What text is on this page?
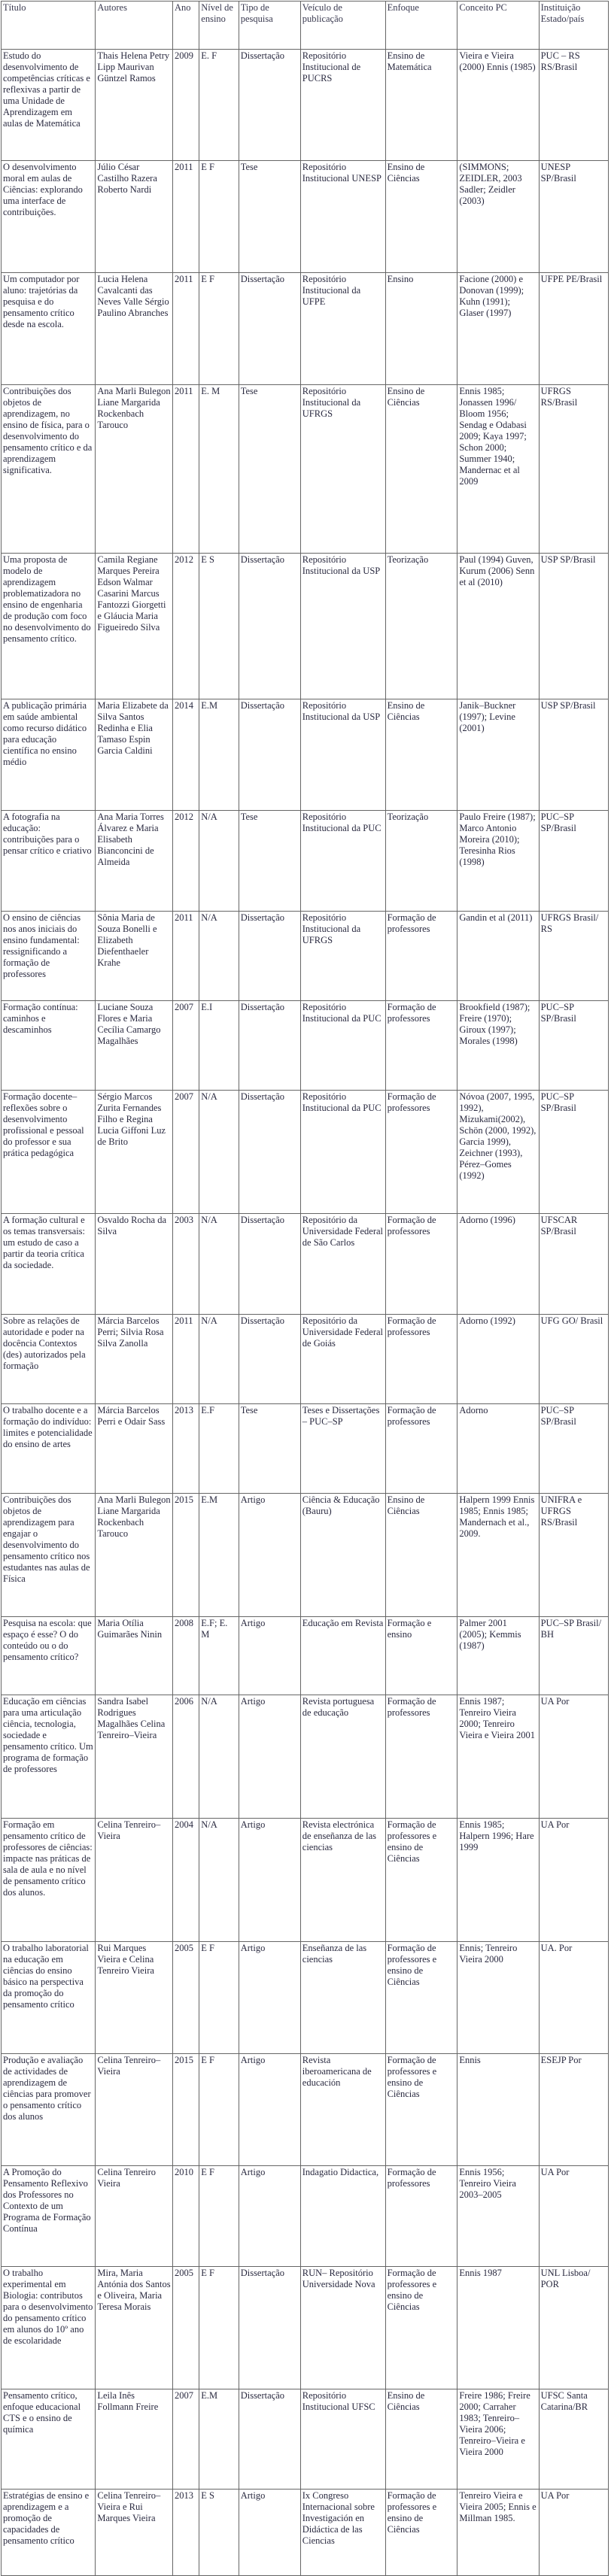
Título	Autores	Ano	Nível de ensino	Tipo de pesquisa	Veículo de publicação	Enfoque	Conceito PC	Instituição Estado/país
Estudo do desenvolvimento de competências críticas e reflexivas a partir de uma Unidade de Aprendizagem em aulas de Matemática	Thais Helena Petry Lipp Maurivan Güntzel Ramos	2009	E. F	Dissertação	Repositório Institucional de PUCRS	Ensino de Matemática	Vieira e Vieira (2000) Ennis (1985)	PUC – RS RS/Brasil
O desenvolvimento moral em aulas de Ciências: explorando uma interface de contribuições.	Júlio César Castilho Razera Roberto Nardi	2011	E F	Tese	Repositório Institucional UNESP	Ensino de Ciências	(SIMMONS; ZEIDLER, 2003 Sadler; Zeidler (2003)	UNESP SP/Brasil
Um computador por aluno: trajetórias da pesquisa e do pensamento crítico desde na escola.	Lucia Helena Cavalcanti das Neves Valle Sérgio Paulino Abranches	2011	E F	Dissertação	Repositório Institucional da UFPE	Ensino	Facione (2000) e Donovan (1999); Kuhn (1991); Glaser (1997)	UFPE PE/Brasil
Contribuições dos objetos de aprendizagem, no ensino de física, para o desenvolvimento do pensamento crítico e da aprendizagem significativa.	Ana Marli Bulegon Liane Margarida Rockenbach Tarouco	2011	E. M	Tese	Repositório Institucional da UFRGS	Ensino de Ciências	Ennis 1985; Jonassen 1996/ Bloom 1956; Sendag e Odabasi 2009; Kaya 1997; Schon 2000; Summer 1940; Mandernac et al 2009	UFRGS RS/Brasil
Uma proposta de modelo de aprendizagem problematizadora no ensino de engenharia de produção com foco no desenvolvimento do pensamento crítico.	Camila Regiane Marques Pereira Edson Walmar Casarini Marcus Fantozzi Giorgetti e Gláucia Maria Figueiredo Silva	2012	E S	Dissertação	Repositório Institucional da USP	Teorização	Paul (1994) Guven, Kurum (2006) Senn et al (2010)	USP SP/Brasil
A publicação primária em saúde ambiental como recurso didático para educação científica no ensino médio	Maria Elizabete da Silva Santos Redinha e Elia Tamaso Espin Garcia Caldini	2014	E.M	Dissertação	Repositório Institucional da USP	Ensino de Ciências	Janik–Buckner (1997); Levine (2001)	USP SP/Brasil
A fotografia na educação: contribuições para o pensar crítico e criativo	Ana Maria Torres Álvarez e Maria Elisabeth Bianconcini de Almeida	2012	N/A	Tese	Repositório Institucional da PUC	Teorização	Paulo Freire (1987); Marco Antonio Moreira (2010); Teresinha Rios (1998)	PUC–SP SP/Brasil
O ensino de ciências nos anos iniciais do ensino fundamental: ressignificando a formação de professores	Sônia Maria de Souza Bonelli e Elizabeth Diefenthaeler Krahe	2011	N/A	Dissertação	Repositório Institucional da UFRGS	Formação de professores	Gandin et al (2011)	UFRGS Brasil/ RS
Formação contínua: caminhos e descaminhos	Luciane Souza Flores e Maria Cecília Camargo Magalhães	2007	E.I	Dissertação	Repositório Institucional da PUC	Formação de professores	Brookfield (1987); Freire (1970); Giroux (1997); Morales (1998)	PUC–SP SP/Brasil
Formação docente–reflexões sobre o desenvolvimento profissional e pessoal do professor e sua prática pedagógica	Sérgio Marcos Zurita Fernandes Filho e Regina Lucia Giffoni Luz de Brito	2007	N/A	Dissertação	Repositório Institucional da PUC	Formação de professores	Nóvoa (2007, 1995, 1992), Mizukami(2002), Schön (2000, 1992), Garcia 1999), Zeichner (1993), Pérez–Gomes (1992)	PUC–SP SP/Brasil
A formação cultural e os temas transversais: um estudo de caso a partir da teoria crítica da sociedade.	Osvaldo Rocha da Silva	2003	N/A	Dissertação	Repositório da Universidade Federal de São Carlos	Formação de professores	Adorno (1996)	UFSCAR SP/Brasil
Sobre as relações de autoridade e poder na docência Contextos (des) autorizados pela formação	Márcia Barcelos Perri; Silvia Rosa Silva Zanolla	2011	N/A	Dissertação	Repositório da Universidade Federal de Goiás	Formação de professores	Adorno (1992)	UFG GO/ Brasil
O trabalho docente e a formação do indivíduo: limites e potencialidade do ensino de artes	Márcia Barcelos Perri e Odair Sass	2013	E.F	Tese	Teses e Dissertações – PUC–SP	Formação de professores	Adorno	PUC–SP SP/Brasil
Contribuições dos objetos de aprendizagem para engajar o desenvolvimento do pensamento crítico nos estudantes nas aulas de Física	Ana Marli Bulegon Liane Margarida Rockenbach Tarouco	2015	E.M	Artigo	Ciência & Educação (Bauru)	Ensino de Ciências	Halpern 1999 Ennis 1985; Ennis 1985; Mandernach et al., 2009.	UNIFRA e UFRGS RS/Brasil
Pesquisa na escola: que espaço é esse? O do conteúdo ou o do pensamento crítico?	Maria Otília Guimarães Ninin	2008	E.F; E. M	Artigo	Educação em Revista	Formação e ensino	Palmer 2001 (2005); Kemmis (1987)	PUC–SP Brasil/ BH
Educação em ciências para uma articulação ciência, tecnologia, sociedade e pensamento crítico. Um programa de formação de professores	Sandra Isabel Rodrigues Magalhães Celina Tenreiro–Vieira	2006	N/A	Artigo	Revista portuguesa de educação	Formação de professores	Ennis 1987; Tenreiro Vieira 2000; Tenreiro Vieira e Vieira 2001	UA Por
Formação em pensamento crítico de professores de ciências: impacte nas práticas de sala de aula e no nível de pensamento crítico dos alunos.	Celina Tenreiro–Vieira	2004	N/A	Artigo	Revista electrónica de enseñanza de las ciencias	Formação de professores e ensino de Ciências	Ennis 1985; Halpern 1996; Hare 1999	UA Por
O trabalho laboratorial na educação em ciências do ensino básico na perspectiva da promoção do pensamento crítico	Rui Marques Vieira e Celina Tenreiro Vieira	2005	E F	Artigo	Enseñanza de las ciencias	Formação de professores e ensino de Ciências	Ennis; Tenreiro Vieira 2000	UA. Por
Produção e avaliação de actividades de aprendizagem de ciências para promover o pensamento crítico dos alunos	Celina Tenreiro–Vieira	2015	E F	Artigo	Revista iberoamericana de educación	Formação de professores e ensino de Ciências	Ennis	ESEJP Por
A Promoção do Pensamento Reflexivo dos Professores no Contexto de um Programa de Formação Contínua	Celina Tenreiro Vieira	2010	E F	Artigo	Indagatio Didactica,	Formação de professores	Ennis 1956; Tenreiro Vieira 2003–2005	UA Por
O trabalho experimental em Biologia: contributos para o desenvolvimento do pensamento crítico em alunos do 10º ano de escolaridade	Mira, Maria Antónia dos Santos e Oliveira, Maria Teresa Morais	2005	E F	Dissertação	RUN– Repositório Universidade Nova	Formação de professores e ensino de Ciências	Ennis 1987	UNL Lisboa/ POR
Pensamento crítico, enfoque educacional CTS e o ensino de química	Leila Inês Follmann Freire	2007	E.M	Dissertação	Repositório Institucional UFSC	Ensino de Ciências	Freire 1986; Freire 2000; Carraher 1983; Tenreiro–Vieira 2006; Tenreiro–Vieira e Vieira 2000	UFSC Santa Catarina/BR
Estratégias de ensino e aprendizagem e a promoção de capacidades de pensamento crítico	Celina Tenreiro–Vieira e Rui Marques Vieira	2013	E S	Artigo	Ix Congreso Internacional sobre Investigación en Didáctica de las Ciencias	Formação de professores e ensino de Ciências	Tenreiro Vieira e Vieira 2005; Ennis e Millman 1985.	UA Por
